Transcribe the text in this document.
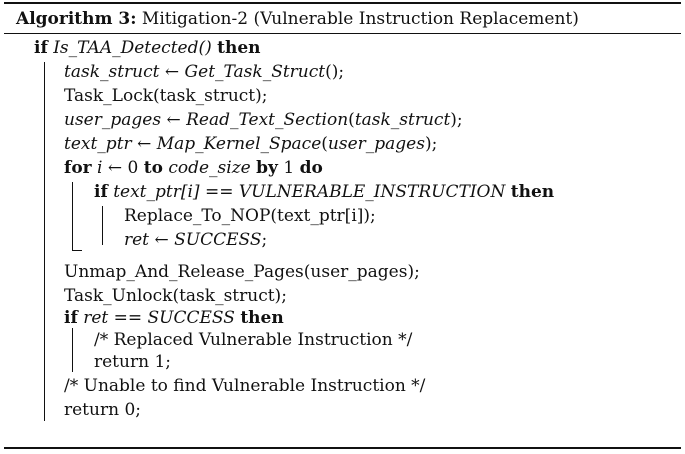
Algorithm 3: Mitigation-2 (Vulnerable Instruction Replacement)
if Is_TAA_Detected() then
task_struct ← Get_Task_Struct();
Task_Lock(task_struct);
user_pages ← Read_Text_Section(task_struct);
text_ptr ← Map_Kernel_Space(user_pages);
for i ← 0 to code_size by 1 do
if text_ptr[i] == VULNERABLE_INSTRUCTION then
Replace_To_NOP(text_ptr[i]);
ret ← SUCCESS;
Unmap_And_Release_Pages(user_pages);
Task_Unlock(task_struct);
if ret == SUCCESS then
/* Replaced Vulnerable Instruction */
return 1;
/* Unable to find Vulnerable Instruction */
return 0;
